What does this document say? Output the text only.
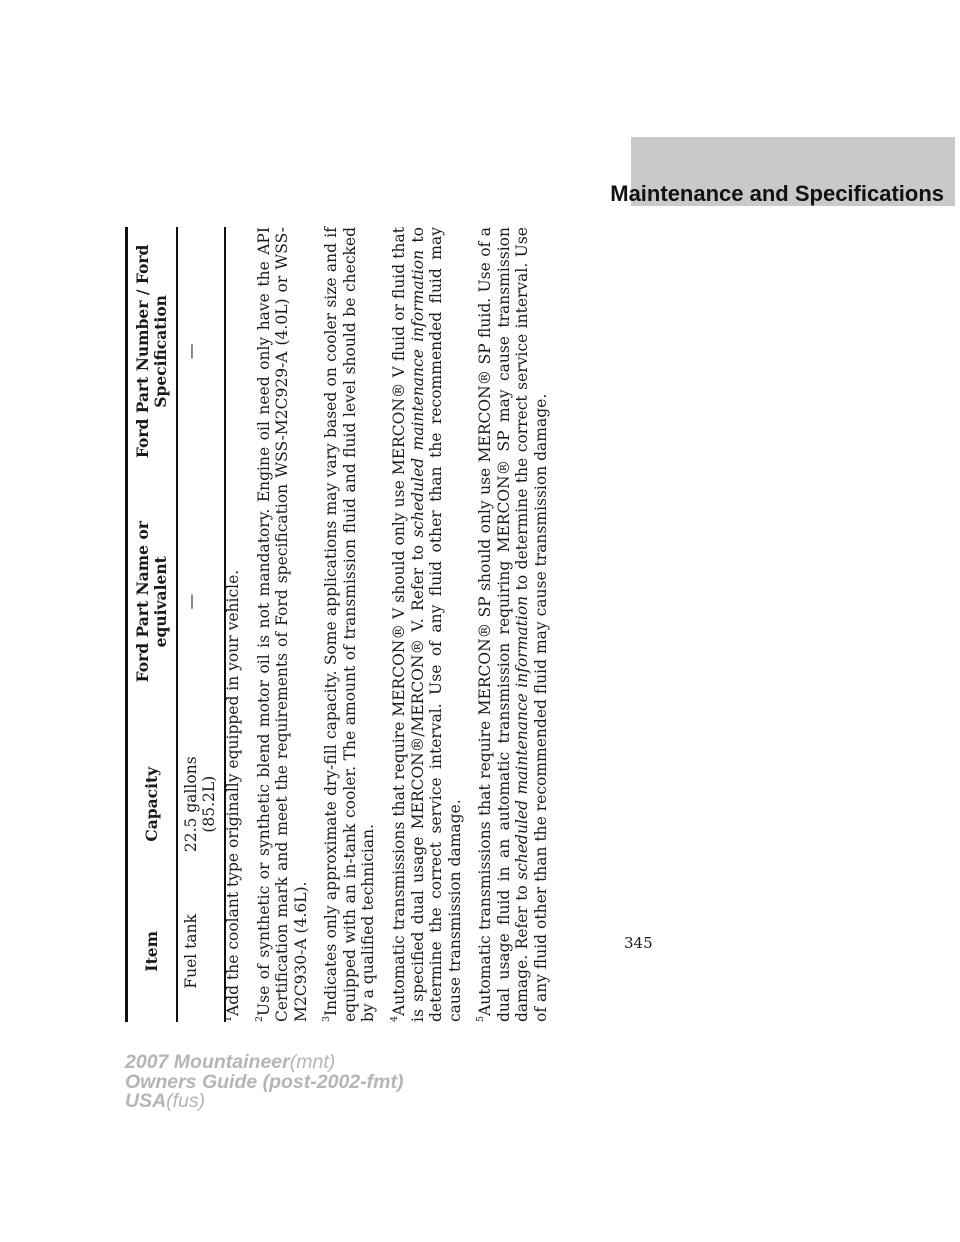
Maintenance and Specifications
Item	Capacity	Ford Part Name or equivalent	Ford Part Number / Ford Specification
Fuel tank	22.5 gallons (85.2L)	—	—

$^1$Add the coolant type originally equipped in your vehicle.

$^2$Use of synthetic or synthetic blend motor oil is not mandatory. Engine oil need only have the API Certification mark and meet the requirements of Ford specification WSS-M2C929-A (4.0L) or WSS-M2C930-A (4.6L). $^3$Indicates only approximate dry-fill capacity. Some applications may vary based on cooler size and if equipped with an in-tank cooler. The amount of transmission fluid and fluid level should be checked by a qualified technician. $^4$Automatic transmissions that require MERCON® V should only use MERCON® V fluid or fluid that is specified dual usage MERCON®/MERCON® V. Refer to scheduled maintenance information to determine the correct service interval. Use of any fluid other than the recommended fluid may cause transmission damage. $^5$Automatic transmissions that require MERCON® SP should only use MERCON® SP fluid. Use of a dual usage fluid in an automatic transmission requiring MERCON® SP may cause transmission damage. Refer to scheduled maintenance information to determine the correct service interval. Use of any fluid other than the recommended fluid may cause transmission damage.	345
2007 Mountaineer(mnt)
Owners Guide (post-2002-fmt)
USA(fus)
